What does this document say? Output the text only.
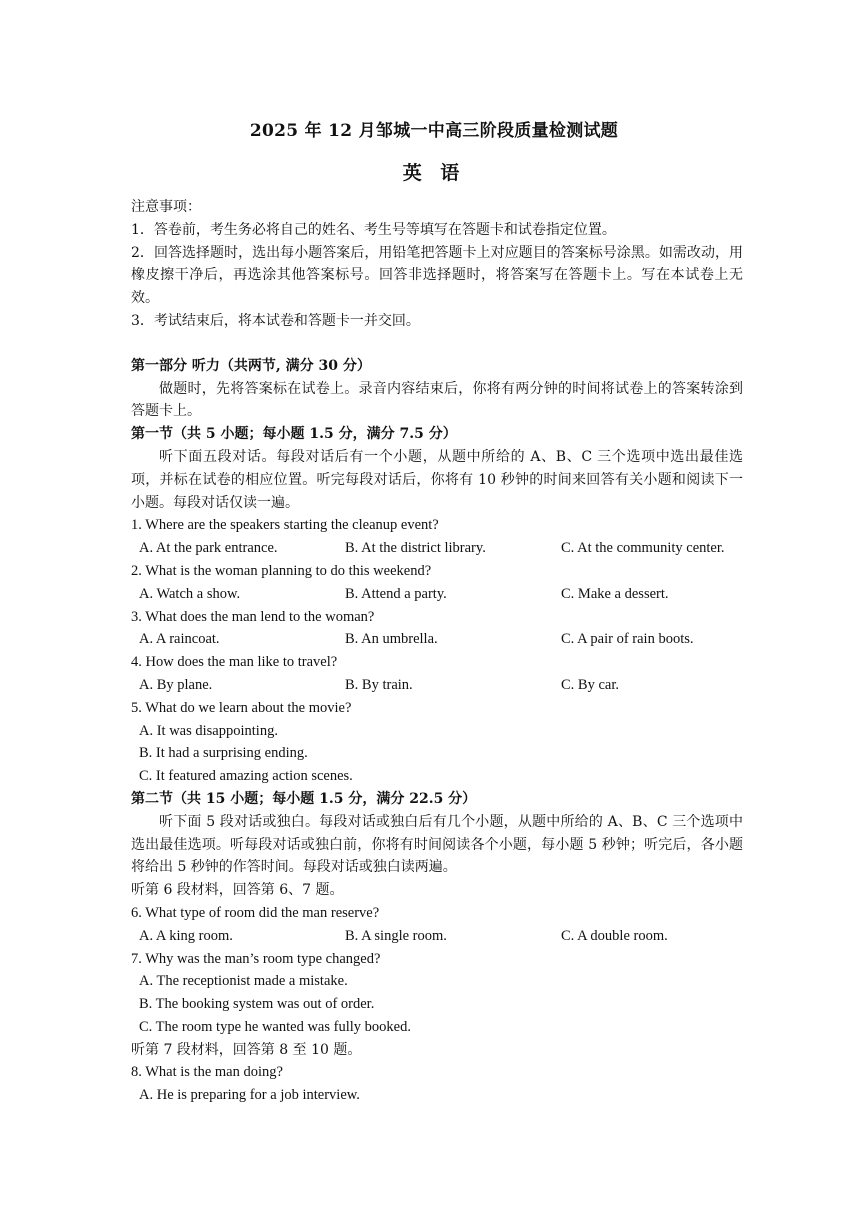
2025 年 12 月邹城一中高三阶段质量检测试题
英 语
注意事项：
1．答卷前，考生务必将自己的姓名、考生号等填写在答题卡和试卷指定位置。
2．回答选择题时，选出每小题答案后，用铅笔把答题卡上对应题目的答案标号涂黑。如需改动，用橡皮擦干净后，再选涂其他答案标号。回答非选择题时，将答案写在答题卡上。写在本试卷上无效。
3．考试结束后，将本试卷和答题卡一并交回。
第一部分 听力（共两节, 满分 30 分）
做题时，先将答案标在试卷上。录音内容结束后，你将有两分钟的时间将试卷上的答案转涂到答题卡上。
第一节（共 5 小题；每小题 1.5 分，满分 7.5 分）
听下面五段对话。每段对话后有一个小题，从题中所给的 A、B、C 三个选项中选出最佳选项，并标在试卷的相应位置。听完每段对话后，你将有 10 秒钟的时间来回答有关小题和阅读下一小题。每段对话仅读一遍。
1. Where are the speakers starting the cleanup event?
A. At the park entrance.	B. At the district library.	C. At the community center.
2. What is the woman planning to do this weekend?
A. Watch a show.	B. Attend a party.	C. Make a dessert.
3. What does the man lend to the woman?
A. A raincoat.	B. An umbrella.	C. A pair of rain boots.
4. How does the man like to travel?
A. By plane.	B. By train.	C. By car.
5. What do we learn about the movie?
A. It was disappointing.
B. It had a surprising ending.
C. It featured amazing action scenes.
第二节（共 15 小题；每小题 1.5 分，满分 22.5 分）
听下面 5 段对话或独白。每段对话或独白后有几个小题，从题中所给的 A、B、C 三个选项中选出最佳选项。听每段对话或独白前，你将有时间阅读各个小题，每小题 5 秒钟；听完后，各小题将给出 5 秒钟的作答时间。每段对话或独白读两遍。
听第 6 段材料，回答第 6、7 题。
6. What type of room did the man reserve?
A. A king room.	B. A single room.	C. A double room.
7. Why was the man’s room type changed?
A. The receptionist made a mistake.
B. The booking system was out of order.
C. The room type he wanted was fully booked.
听第 7 段材料，回答第 8 至 10 题。
8. What is the man doing?
A. He is preparing for a job interview.
